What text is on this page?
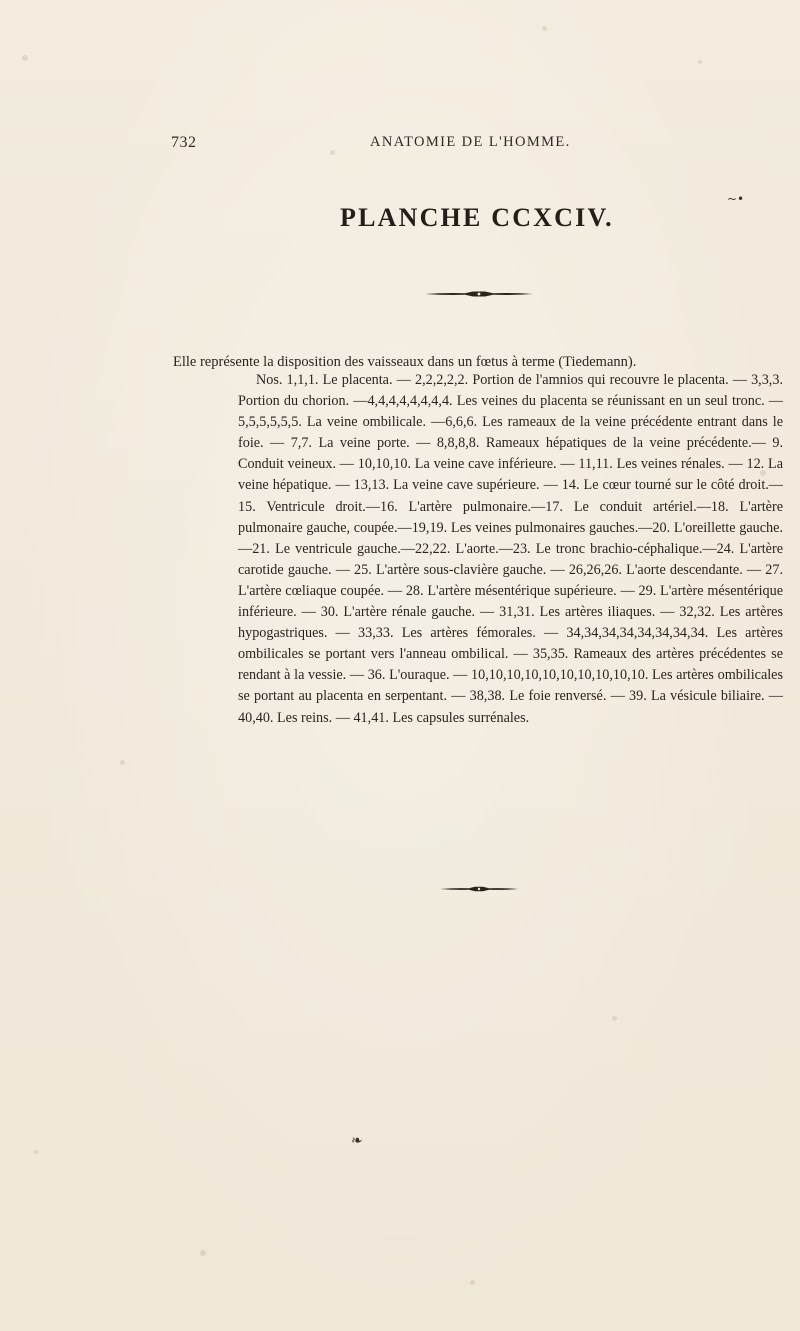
732	ANATOMIE DE L'HOMME.
~•
PLANCHE CCXCIV.
Elle représente la disposition des vaisseaux dans un fœtus à terme (Tiedemann).

Nos. 1,1,1. Le placenta. — 2,2,2,2,2. Portion de l'amnios qui recouvre le placenta. — 3,3,3. Portion du chorion. —4,4,4,4,4,4,4,4. Les veines du placenta se réunissant en un seul tronc. — 5,5,5,5,5,5. La veine ombilicale. —6,6,6. Les rameaux de la veine précédente entrant dans le foie. — 7,7. La veine porte. — 8,8,8,8. Rameaux hépatiques de la veine précédente.— 9. Conduit veineux. — 10,10,10. La veine cave inférieure. — 11,11. Les veines rénales. — 12. La veine hépatique. — 13,13. La veine cave supérieure. — 14. Le cœur tourné sur le côté droit.—15. Ventricule droit.—16. L'artère pulmonaire.—17. Le conduit artériel.—18. L'artère pulmonaire gauche, coupée.—19,19. Les veines pulmonaires gauches.—20. L'oreillette gauche. —21. Le ventricule gauche.—22,22. L'aorte.—23. Le tronc brachio-céphalique.—24. L'artère carotide gauche. — 25. L'artère sous-clavière gauche. — 26,26,26. L'aorte descendante. — 27. L'artère cœliaque coupée. — 28. L'artère mésentérique supérieure. — 29. L'artère mésentérique inférieure. — 30. L'artère rénale gauche. — 31,31. Les artères iliaques. — 32,32. Les artères hypogastriques. — 33,33. Les artères fémorales. — 34,34,34,34,34,34,34,34. Les artères ombilicales se portant vers l'anneau ombilical. — 35,35. Rameaux des artères précédentes se rendant à la vessie. — 36. L'ouraque. — 10,10,10,10,10,10,10,10,10,10. Les artères ombilicales se portant au placenta en serpentant. — 38,38. Le foie renversé. — 39. La vésicule biliaire. — 40,40. Les reins. — 41,41. Les capsules surrénales.

❧
